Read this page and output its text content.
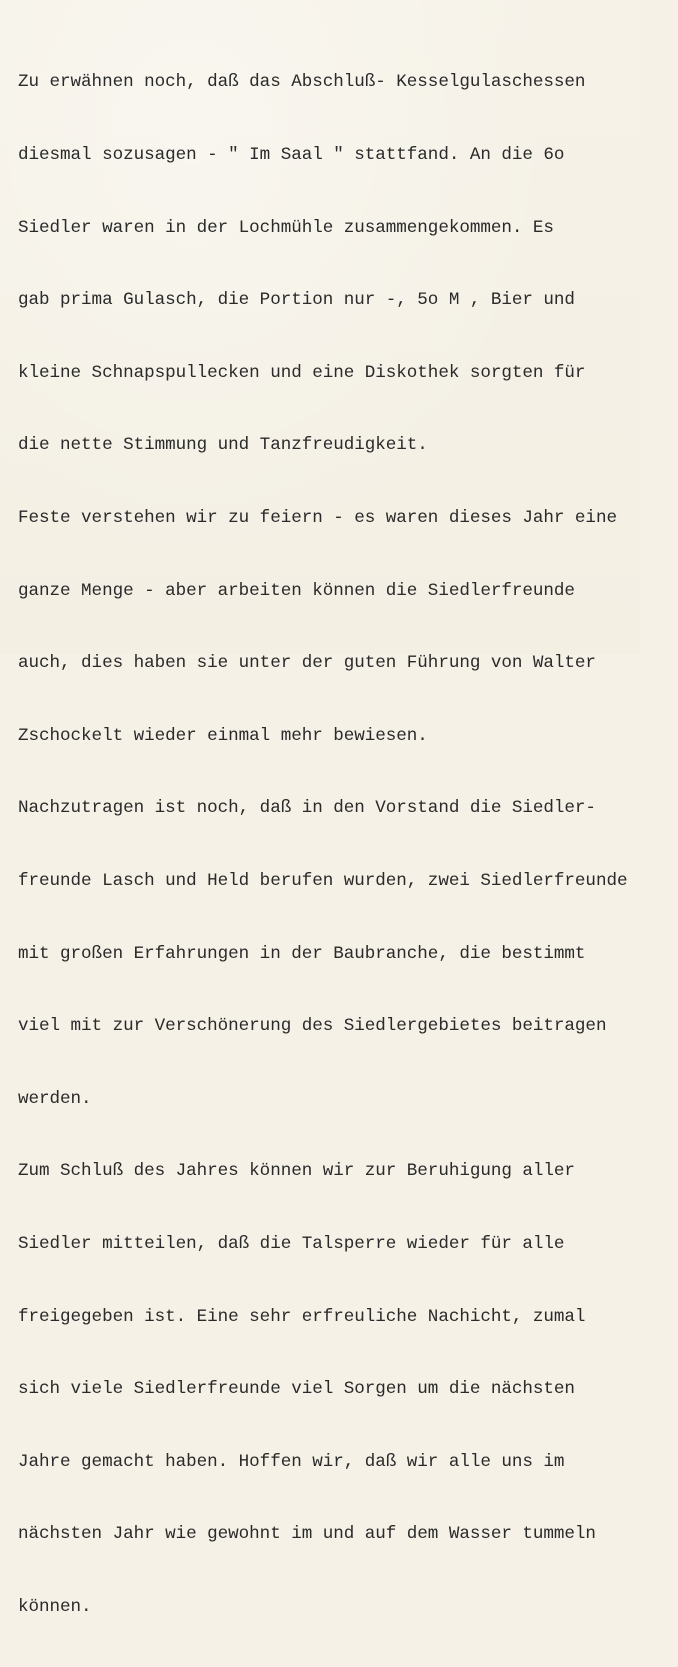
Zu erwähnen noch, daß das Abschluß- Kesselgulaschessen

diesmal sozusagen - " Im Saal " stattfand. An die 6o

Siedler waren in der Lochmühle zusammengekommen. Es

gab prima Gulasch, die Portion nur -, 5o M , Bier und

kleine Schnapspullecken und eine Diskothek sorgten für

die nette Stimmung und Tanzfreudigkeit.

Feste verstehen wir zu feiern - es waren dieses Jahr eine

ganze Menge - aber arbeiten können die Siedlerfreunde

auch, dies haben sie unter der guten Führung von Walter

Zschockelt wieder einmal mehr bewiesen.

Nachzutragen ist noch, daß in den Vorstand die Siedler-

freunde Lasch und Held berufen wurden, zwei Siedlerfreunde

mit großen Erfahrungen in der Baubranche, die bestimmt

viel mit zur Verschönerung des Siedlergebietes beitragen

werden.

Zum Schluß des Jahres können wir zur Beruhigung aller

Siedler mitteilen, daß die Talsperre wieder für alle

freigegeben ist. Eine sehr erfreuliche Nachicht, zumal

sich viele Siedlerfreunde viel Sorgen um die nächsten

Jahre gemacht haben. Hoffen wir, daß wir alle uns im

nächsten Jahr wie gewohnt im und auf dem Wasser tummeln

können.
